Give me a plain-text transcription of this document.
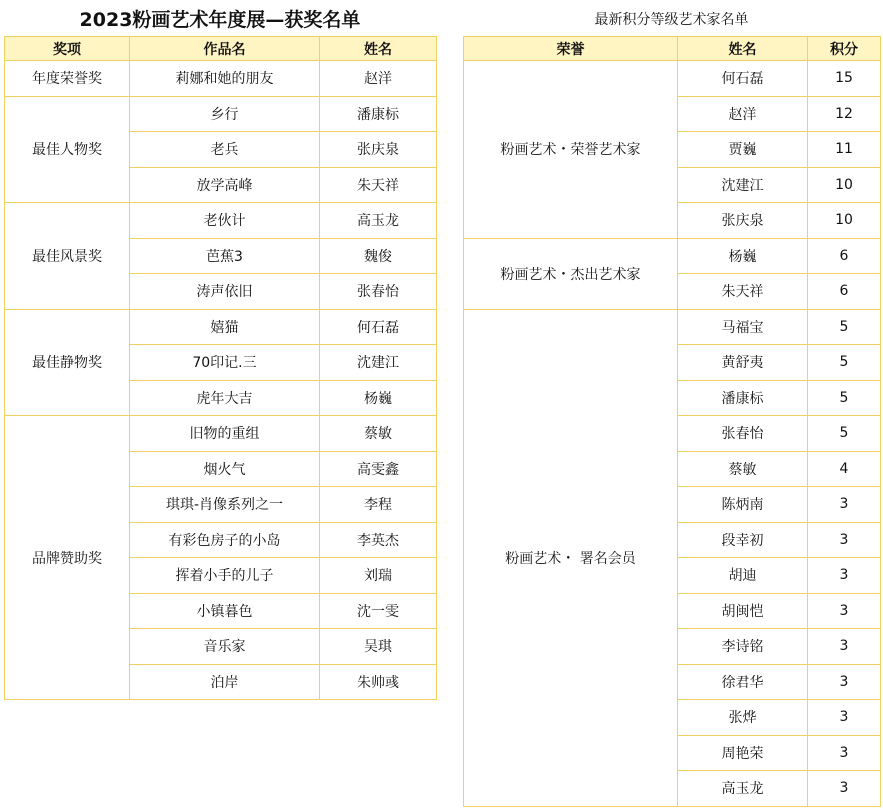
2023粉画艺术年度展—获奖名单	最新积分等级艺术家名单
奖项	作品名	姓名
年度荣誉奖	莉娜和她的朋友	赵洋
最佳人物奖	乡行	潘康标
	老兵	张庆泉
	放学高峰	朱天祥
最佳风景奖	老伙计	高玉龙
	芭蕉3	魏俊
	涛声依旧	张春怡
最佳静物奖	嬉猫	何石磊
	70印记.三	沈建江
	虎年大吉	杨巍
品牌赞助奖	旧物的重组	蔡敏
	烟火气	高雯鑫
	琪琪-肖像系列之一	李程
	有彩色房子的小岛	李英杰
	挥着小手的儿子	刘瑞
	小镇暮色	沈一雯
	音乐家	吴琪
	泊岸	朱帅彧
荣誉	姓名	积分
粉画艺术・荣誉艺术家	何石磊	15
	赵洋	12
	贾巍	11
	沈建江	10
	张庆泉	10
粉画艺术・杰出艺术家	杨巍	6
	朱天祥	6
粉画艺术・ 署名会员	马福宝	5
	黄舒夷	5
	潘康标	5
	张春怡	5
	蔡敏	4
	陈炳南	3
	段幸初	3
	胡迪	3
	胡闽恺	3
	李诗铭	3
	徐君华	3
	张烨	3
	周艳荣	3
	高玉龙	3
